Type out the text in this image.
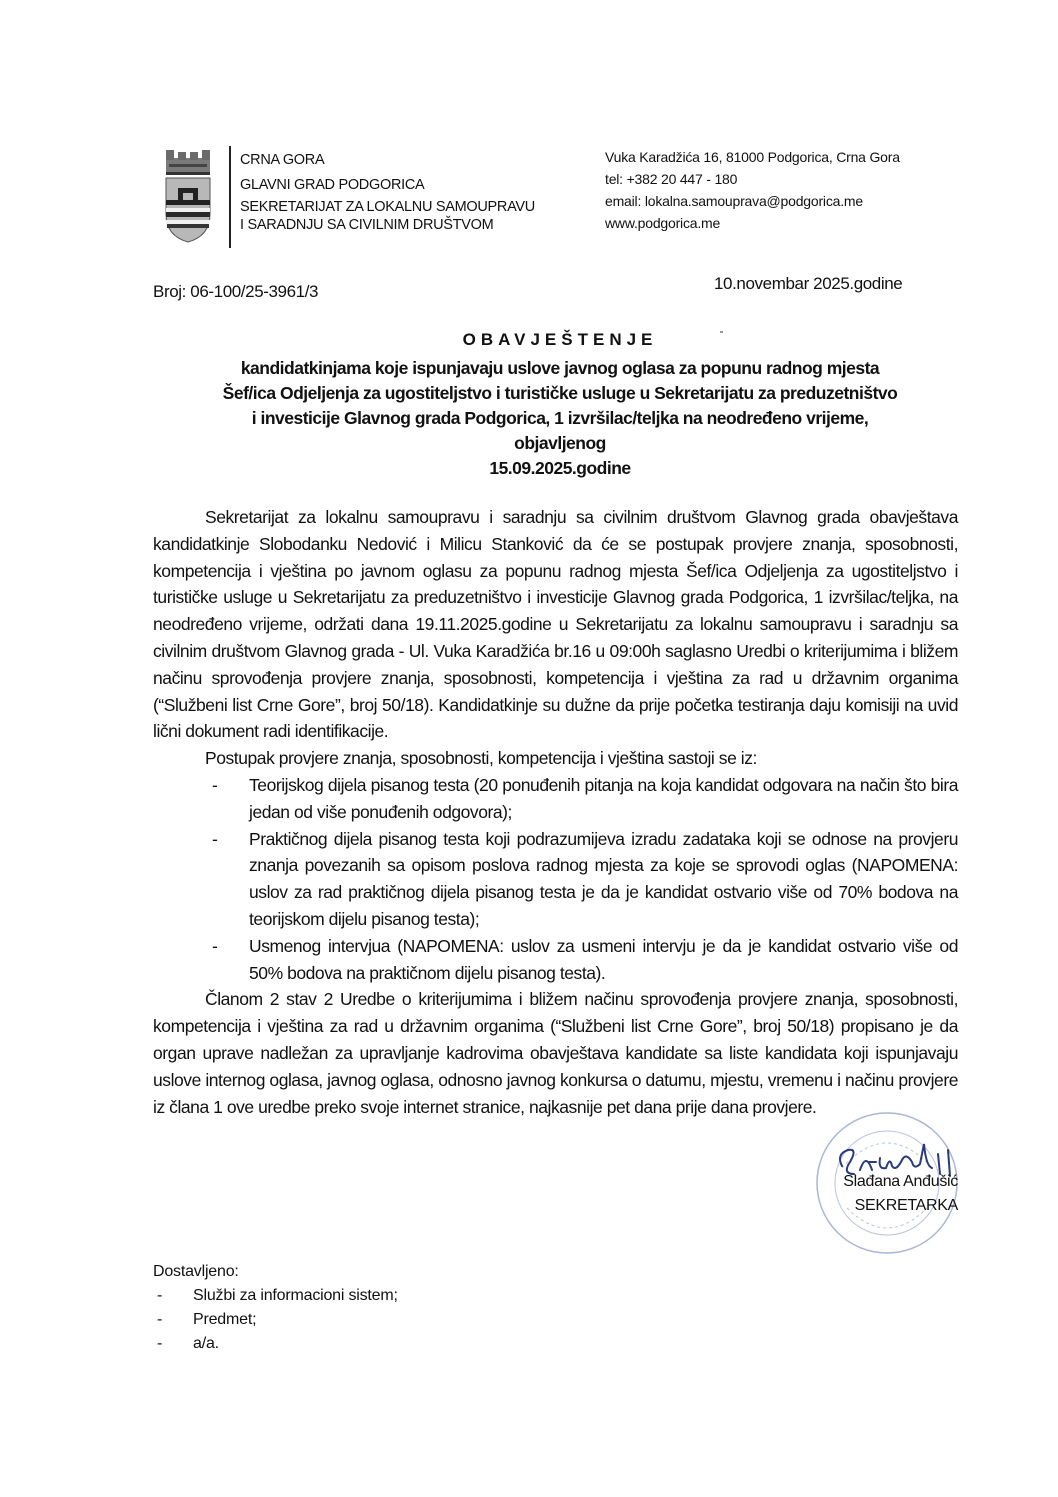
CRNA GORA
GLAVNI GRAD PODGORICA
SEKRETARIJAT ZA LOKALNU SAMOUPRAVU
I SARADNJU SA CIVILNIM DRUŠTVOM
Vuka Karadžića 16, 81000 Podgorica, Crna Gora
tel: +382 20 447 - 180
email: lokalna.samouprava@podgorica.me
www.podgorica.me
Broj: 06-100/25-3961/3	10.novembar 2025.godine
OBAVJEŠTENJE

kandidatkinjama koje ispunjavaju uslove javnog oglasa za popunu radnog mjesta
Šef/ica Odjeljenja za ugostiteljstvo i turističke usluge u Sekretarijatu za preduzetništvo
i investicije Glavnog grada Podgorica, 1 izvršilac/teljka na neodređeno vrijeme,
objavljenog
15.09.2025.godine

Sekretarijat za lokalnu samoupravu i saradnju sa civilnim društvom Glavnog grada obavještava kandidatkinje Slobodanku Nedović i Milicu Stanković da će se postupak provjere znanja, sposobnosti, kompetencija i vještina po javnom oglasu za popunu radnog mjesta Šef/ica Odjeljenja za ugostiteljstvo i turističke usluge u Sekretarijatu za preduzetništvo i investicije Glavnog grada Podgorica, 1 izvršilac/teljka, na neodređeno vrijeme, održati dana 19.11.2025.godine u Sekretarijatu za lokalnu samoupravu i saradnju sa civilnim društvom Glavnog grada - Ul. Vuka Karadžića br.16 u 09:00h saglasno Uredbi o kriterijumima i bližem načinu sprovođenja provjere znanja, sposobnosti, kompetencija i vještina za rad u državnim organima (“Službeni list Crne Gore”, broj 50/18). Kandidatkinje su dužne da prije početka testiranja daju komisiji na uvid lični dokument radi identifikacije.

Postupak provjere znanja, sposobnosti, kompetencija i vještina sastoji se iz:

- Teorijskog dijela pisanog testa (20 ponuđenih pitanja na koja kandidat odgovara na način što bira jedan od više ponuđenih odgovora);
- Praktičnog dijela pisanog testa koji podrazumijeva izradu zadataka koji se odnose na provjeru znanja povezanih sa opisom poslova radnog mjesta za koje se sprovodi oglas (NAPOMENA: uslov za rad praktičnog dijela pisanog testa je da je kandidat ostvario više od 70% bodova na teorijskom dijelu pisanog testa);
- Usmenog intervjua (NAPOMENA: uslov za usmeni intervju je da je kandidat ostvario više od 50% bodova na praktičnom dijelu pisanog testa).

Članom 2 stav 2 Uredbe o kriterijumima i bližem načinu sprovođenja provjere znanja, sposobnosti, kompetencija i vještina za rad u državnim organima (“Službeni list Crne Gore”, broj 50/18) propisano je da organ uprave nadležan za upravljanje kadrovima obavještava kandidate sa liste kandidata koji ispunjavaju uslove internog oglasa, javnog oglasa, odnosno javnog konkursa o datumu, mjestu, vremenu i načinu provjere iz člana 1 ove uredbe preko svoje internet stranice, najkasnije pet dana prije dana provjere.

Slađana Anđušić
SEKRETARKA
Dostavljeno:
- Službi za informacioni sistem;
- Predmet;
- a/a.
